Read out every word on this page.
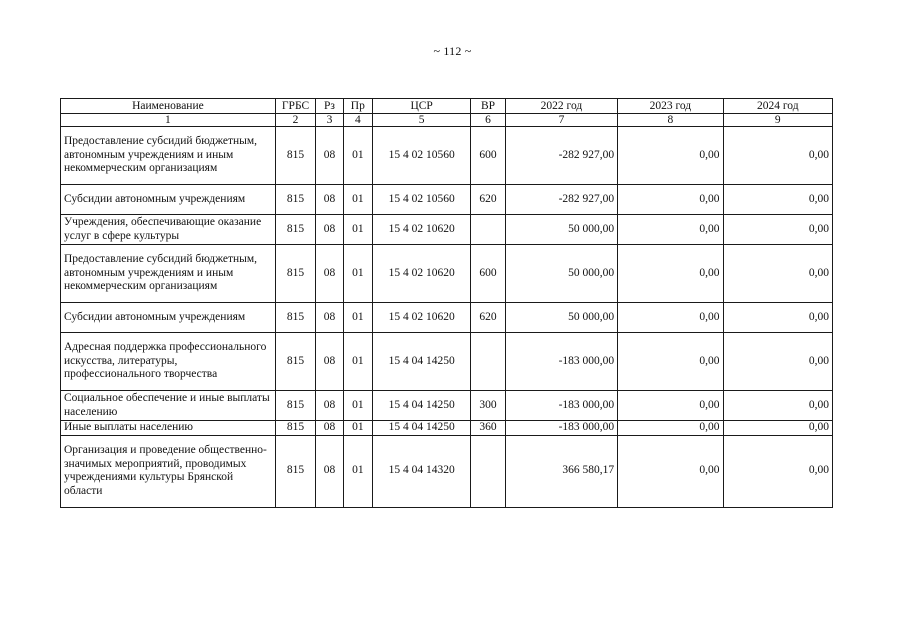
~ 112 ~
Наименование	ГРБС	Рз	Пр	ЦСР	ВР	2022 год	2023 год	2024 год
1	2	3	4	5	6	7	8	9
Предоставление субсидий бюджетным, автономным учреждениям и иным некоммерческим организациям	815	08	01	15 4 02 10560	600	-282 927,00	0,00	0,00
Субсидии автономным учреждениям	815	08	01	15 4 02 10560	620	-282 927,00	0,00	0,00
Учреждения, обеспечивающие оказание услуг в сфере культуры	815	08	01	15 4 02 10620		50 000,00	0,00	0,00
Предоставление субсидий бюджетным, автономным учреждениям и иным некоммерческим организациям	815	08	01	15 4 02 10620	600	50 000,00	0,00	0,00
Субсидии автономным учреждениям	815	08	01	15 4 02 10620	620	50 000,00	0,00	0,00
Адресная поддержка профессионального искусства, литературы, профессионального творчества	815	08	01	15 4 04 14250		-183 000,00	0,00	0,00
Социальное обеспечение и иные выплаты населению	815	08	01	15 4 04 14250	300	-183 000,00	0,00	0,00
Иные выплаты населению	815	08	01	15 4 04 14250	360	-183 000,00	0,00	0,00
Организация и проведение общественно-значимых мероприятий, проводимых учреждениями культуры Брянской области	815	08	01	15 4 04 14320		366 580,17	0,00	0,00
